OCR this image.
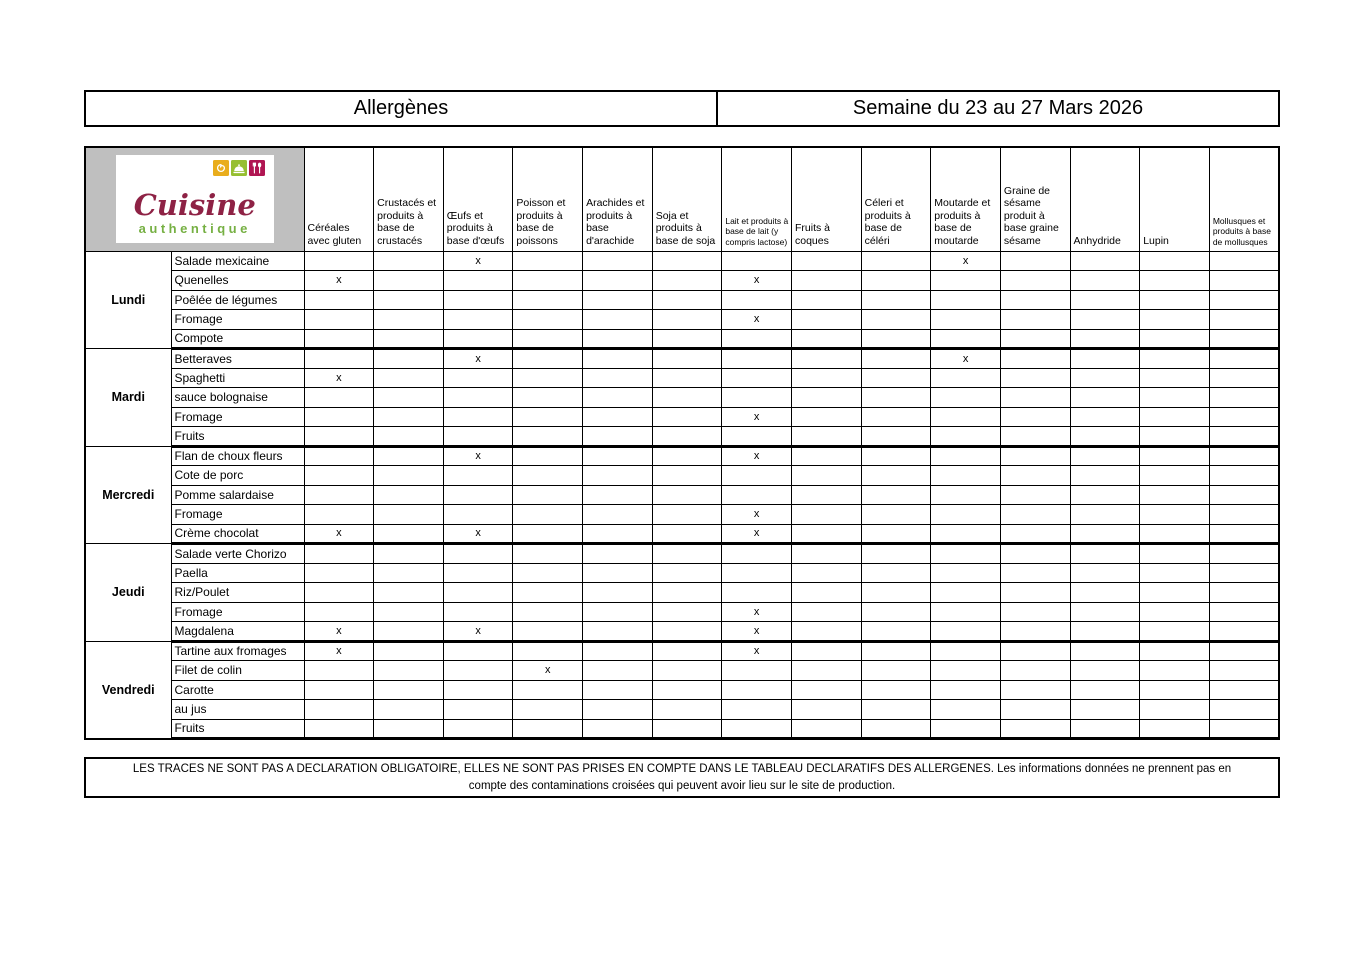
Allergènes	Semaine du 23 au 27 Mars 2026
Cuisine
authentique		Céréales avec gluten	Crustacés et produits à base de crustacés	Œufs et produits à base d'œufs	Poisson et produits à base de poissons	Arachides et produits à base d'arachide	Soja et produits à base de soja	Lait et produits à base de lait (y compris lactose)	Fruits à coques	Céleri et produits à base de céléri	Moutarde et produits à base de moutarde	Graine de sésame produit à base graine sésame	Anhydride	Lupin	Mollusques et produits à base de mollusques
Lundi	Salade mexicaine			x							x				
	Quenelles	x						x							
	Poêlée de légumes														
	Fromage							x							
	Compote														
Mardi	Betteraves			x							x				
	Spaghetti	x													
	sauce bolognaise														
	Fromage							x							
	Fruits														
Mercredi	Flan de choux fleurs			x				x							
	Cote de porc														
	Pomme salardaise														
	Fromage							x							
	Crème chocolat	x		x				x							
Jeudi	Salade verte Chorizo														
	Paella														
	Riz/Poulet														
	Fromage							x							
	Magdalena	x		x				x							
Vendredi	Tartine aux fromages	x						x							
	Filet de colin				x										
	Carotte														
	au jus														
	Fruits														
LES TRACES NE SONT PAS A DECLARATION OBLIGATOIRE, ELLES NE SONT PAS PRISES EN COMPTE DANS LE TABLEAU DECLARATIFS DES ALLERGENES. Les informations données ne prennent pas en
compte des contaminations croisées qui peuvent avoir lieu sur le site de production.
